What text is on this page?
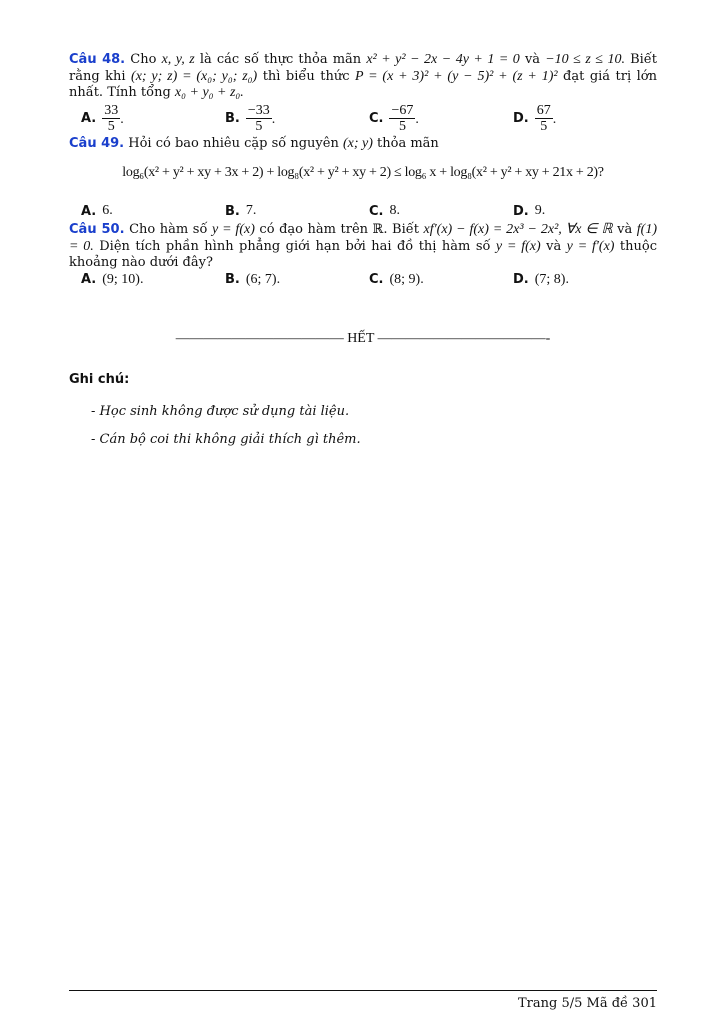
Câu 48. Cho x, y, z là các số thực thỏa mãn x² + y² − 2x − 4y + 1 = 0 và −10 ≤ z ≤ 10. Biết rằng khi (x; y; z) = (x₀; y₀; z₀) thì biểu thức P = (x + 3)² + (y − 5)² + (z + 1)² đạt giá trị lớn nhất. Tính tổng x₀ + y₀ + z₀.

A. $\frac{33}{5}$ .	B. $\frac{-33}{5}$ .	C. $\frac{-67}{5}$ .	D. $\frac{67}{5}$ .

Câu 49. Hỏi có bao nhiêu cặp số nguyên (x; y) thỏa mãn

log₆(x² + y² + xy + 3x + 2) + log₈(x² + y² + xy + 2) ≤ log₆ x + log₈(x² + y² + xy + 21x + 2)?
A. 6.	B. 7.	C. 8.	D. 9.

Câu 50. Cho hàm số y = f(x) có đạo hàm trên ℝ. Biết xf′(x) − f(x) = 2x³ − 2x², ∀x ∈ ℝ và f(1) = 0. Diện tích phần hình phẳng giới hạn bởi hai đồ thị hàm số y = f(x) và y = f′(x) thuộc khoảng nào dưới đây?

A. (9; 10).	B. (6; 7).	C. (8; 9).	D. (7; 8).
———————————— HẾT ————————————-
Ghi chú:
- Học sinh không được sử dụng tài liệu.
- Cán bộ coi thi không giải thích gì thêm.
Trang 5/5 Mã đề 301
